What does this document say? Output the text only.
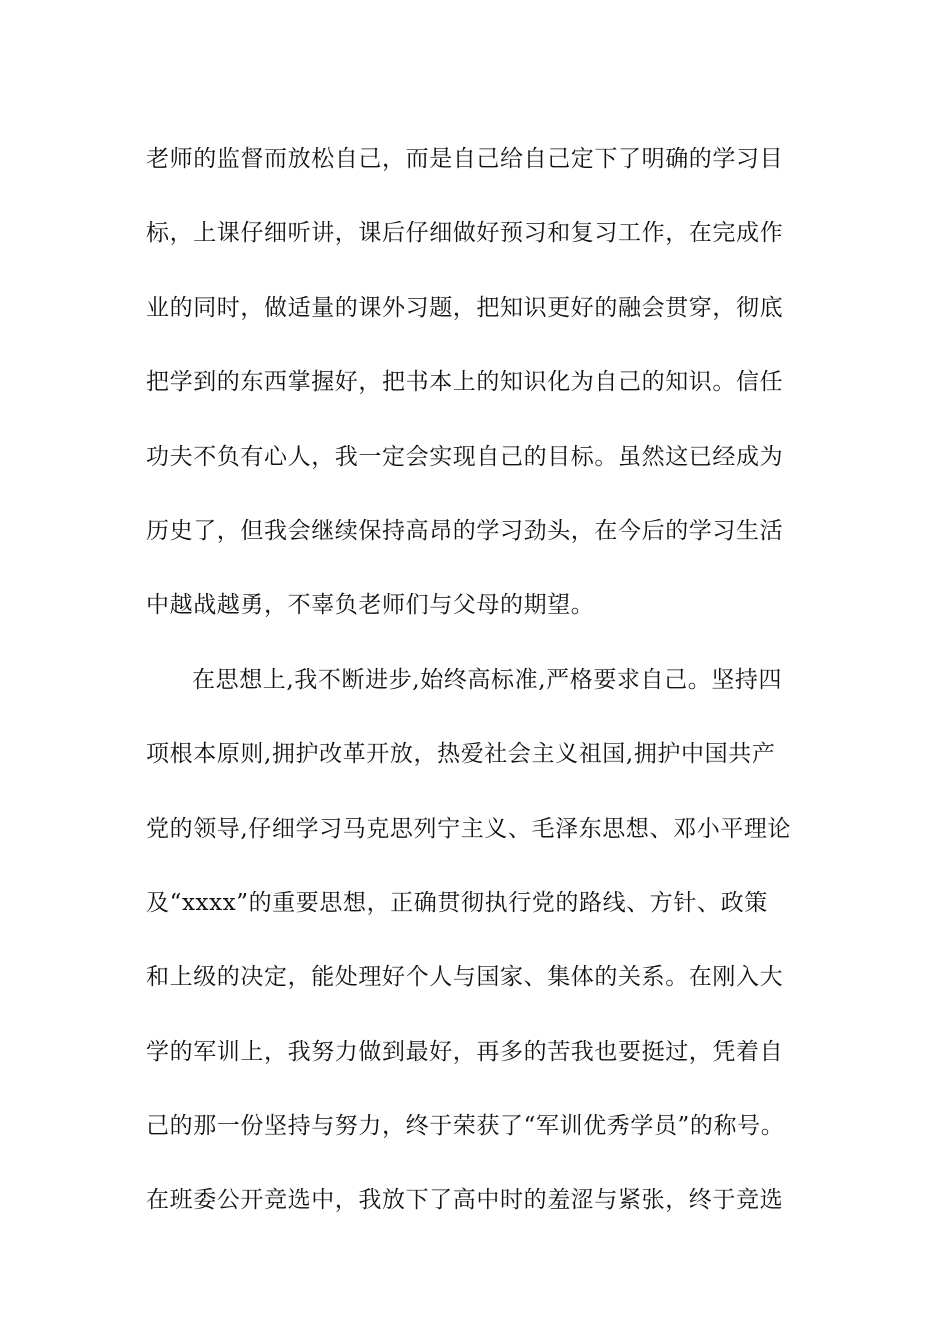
老师的监督而放松自己，而是自己给自己定下了明确的学习目
标，上课仔细听讲，课后仔细做好预习和复习工作，在完成作
业的同时，做适量的课外习题，把知识更好的融会贯穿，彻底
把学到的东西掌握好，把书本上的知识化为自己的知识。信任
功夫不负有心人，我一定会实现自己的目标。虽然这已经成为
历史了，但我会继续保持高昂的学习劲头，在今后的学习生活
中越战越勇，不辜负老师们与父母的期望。
在思想上,我不断进步,始终高标准,严格要求自己。坚持四
项根本原则,拥护改革开放，热爱社会主义祖国,拥护中国共产
党的领导,仔细学习马克思列宁主义、毛泽东思想、邓小平理论
及“xxxx”的重要思想，正确贯彻执行党的路线、方针、政策
和上级的决定，能处理好个人与国家、集体的关系。在刚入大
学的军训上，我努力做到最好，再多的苦我也要挺过，凭着自
己的那一份坚持与努力，终于荣获了“军训优秀学员”的称号。
在班委公开竞选中，我放下了高中时的羞涩与紧张，终于竞选
